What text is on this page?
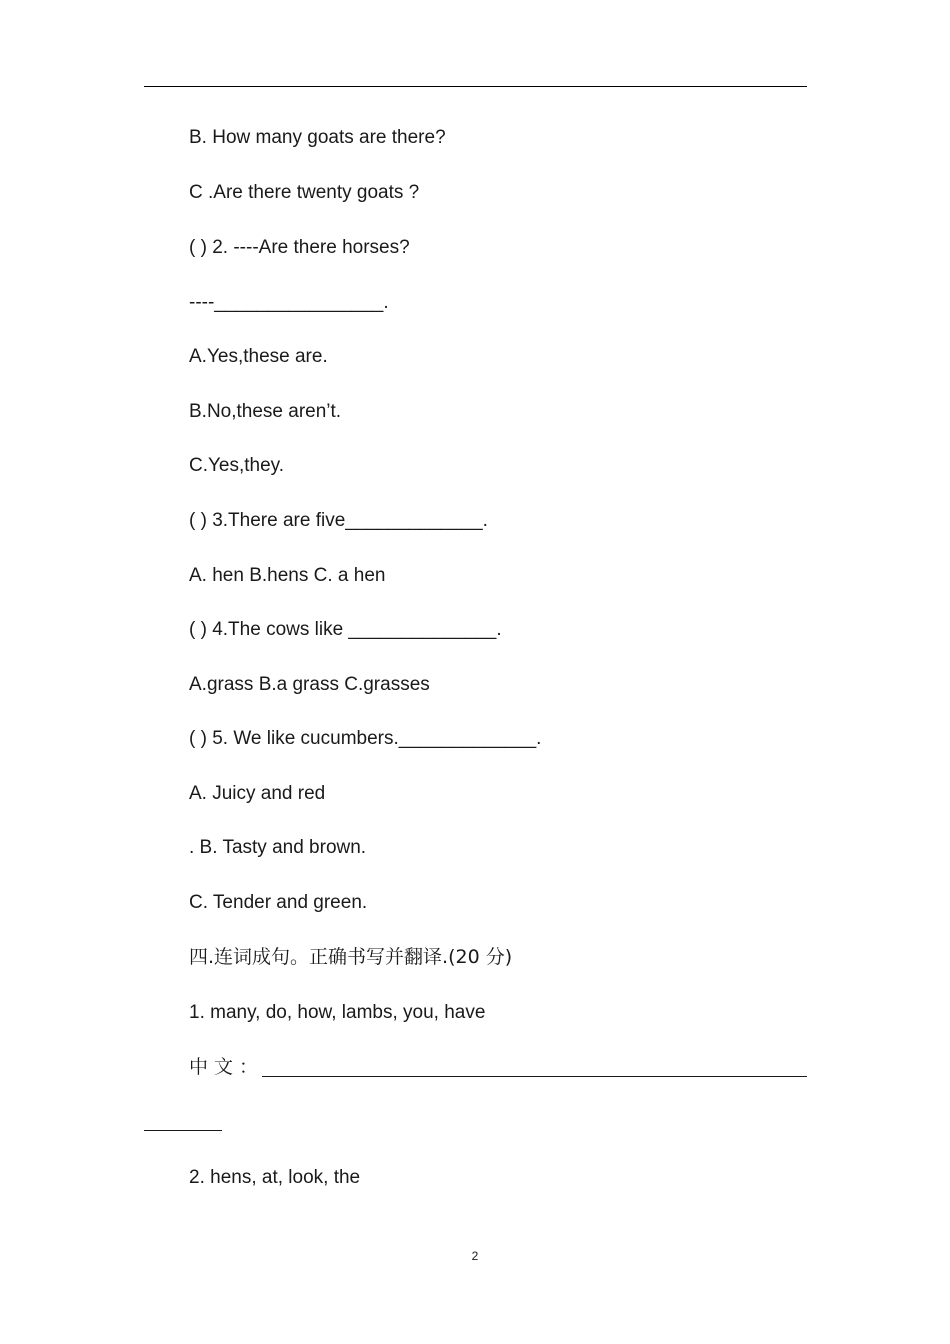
B. How many goats are there?
C .Are there twenty goats ?
( ) 2. ----Are there horses?
----________________.
A.Yes,these are.
B.No,these aren’t.
C.Yes,they.
( ) 3.There are five_____________.
A. hen B.hens C. a hen
( ) 4.The cows like ______________.
A.grass B.a grass C.grasses
( ) 5. We like cucumbers._____________.
A. Juicy and red
. B. Tasty and brown.
C. Tender and green.
四.连词成句。正确书写并翻译.(20 分)
1. many, do, how, lambs, you, have
中文：
2. hens, at, look, the
2
